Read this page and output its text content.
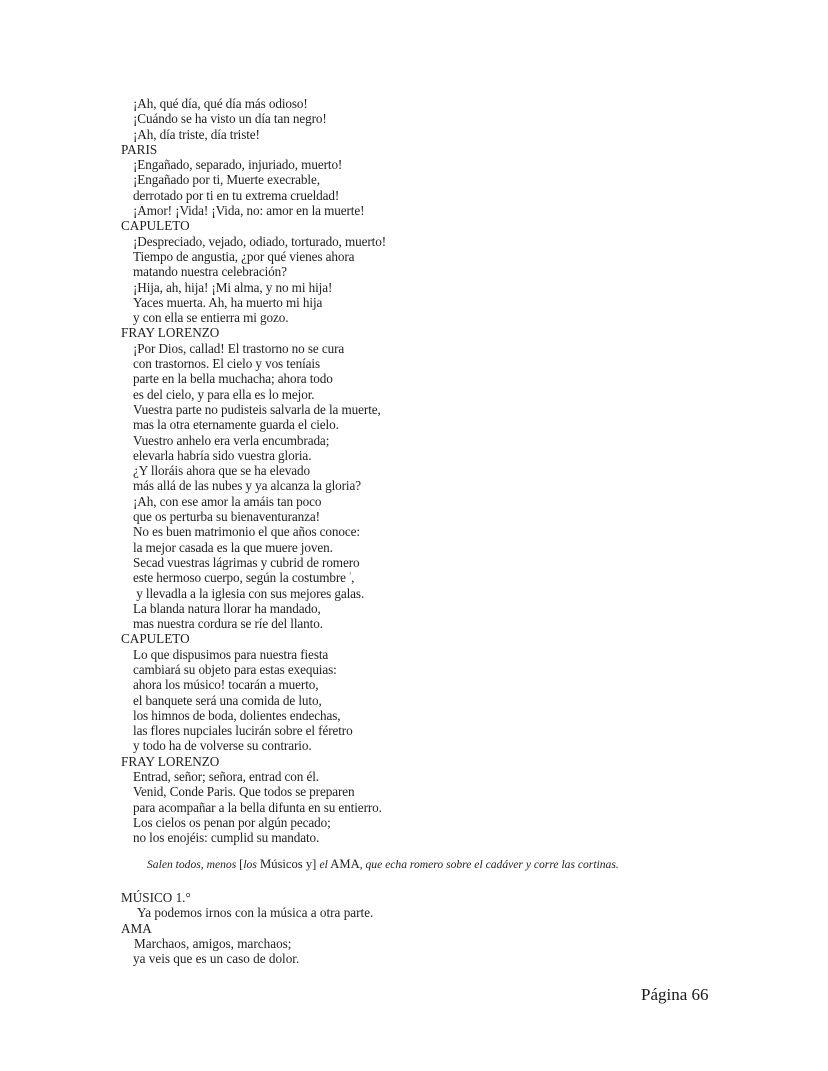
¡Ah, qué día, qué día más odioso!
¡Cuándo se ha visto un día tan negro!
¡Ah, día triste, día triste!
PARIS
¡Engañado, separado, injuriado, muerto!
¡Engañado por ti, Muerte execrable,
derrotado por ti en tu extrema crueldad!
¡Amor! ¡Vida! ¡Vida, no: amor en la muerte!
CAPULETO
¡Despreciado, vejado, odiado, torturado, muerto!
Tiempo de angustia, ¿por qué vienes ahora
matando nuestra celebración?
¡Hija, ah, hija! ¡Mi alma, y no mi hija!
Yaces muerta. Ah, ha muerto mi hija
y con ella se entierra mi gozo.
FRAY LORENZO
¡Por Dios, callad! El trastorno no se cura
con trastornos. El cielo y vos teníais
parte en la bella muchacha; ahora todo
es del cielo, y para ella es lo mejor.
Vuestra parte no pudisteis salvarla de la muerte,
mas la otra eternamente guarda el cielo.
Vuestro anhelo era verla encumbrada;
elevarla habría sido vuestra gloria.
¿Y lloráis ahora que se ha elevado
más allá de las nubes y ya alcanza la gloria?
¡Ah, con ese amor la amáis tan poco
que os perturba su bienaventuranza!
No es buen matrimonio el que años conoce:
la mejor casada es la que muere joven.
Secad vuestras lágrimas y cubrid de romero
este hermoso cuerpo, según la costumbre $^{^1}$,
y llevadla a la iglesia con sus mejores galas.
La blanda natura llorar ha mandado,
mas nuestra cordura se ríe del llanto.
CAPULETO
Lo que dispusimos para nuestra fiesta
cambiará su objeto para estas exequias:
ahora los músico! tocarán a muerto,
el banquete será una comida de luto,
los himnos de boda, dolientes endechas,
las flores nupciales lucirán sobre el féretro
y todo ha de volverse su contrario.
FRAY LORENZO
Entrad, señor; señora, entrad con él.
Venid, Conde Paris. Que todos se preparen
para acompañar a la bella difunta en su entierro.
Los cielos os penan por algún pecado;
no los enojéis: cumplid su mandato.
Salen todos, menos [los Músicos y] el AMA, que echa romero sobre el cadáver y corre las cortinas.
MÚSICO 1.°
Ya podemos irnos con la música a otra parte.
AMA
Marchaos, amigos, marchaos;
ya veis que es un caso de dolor.
Página 66
